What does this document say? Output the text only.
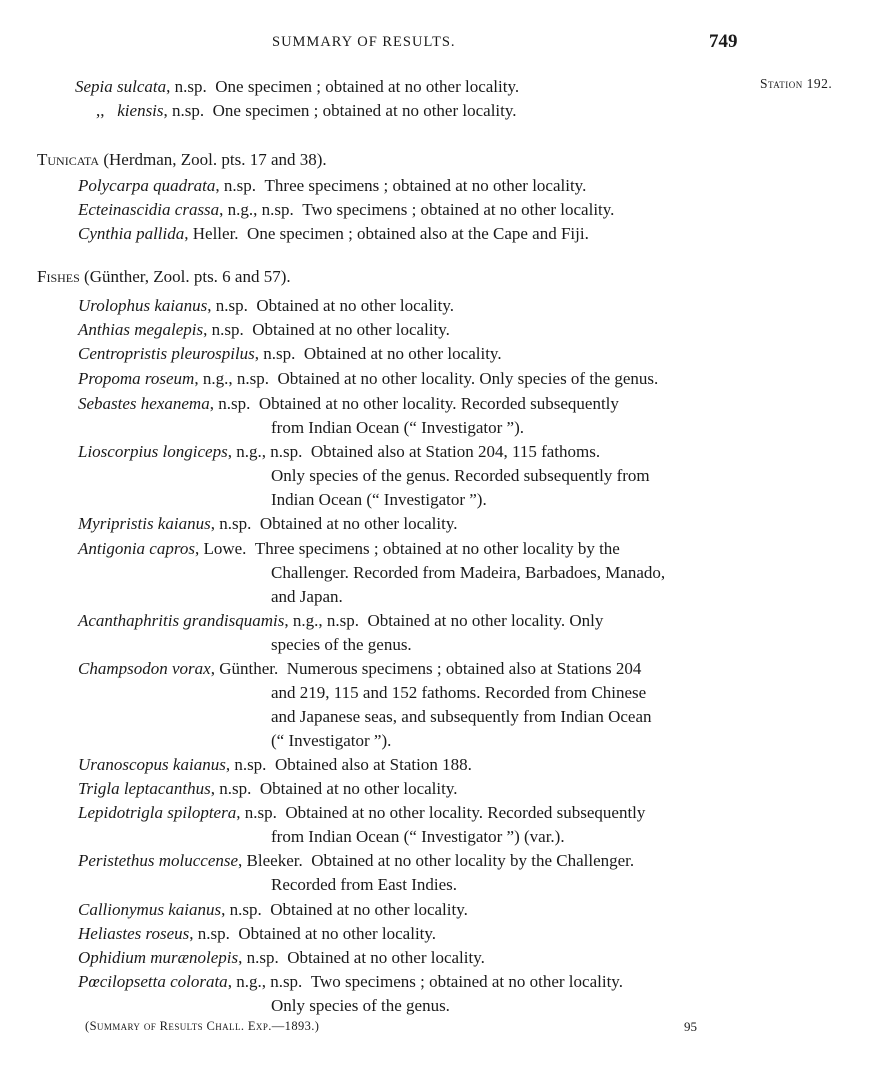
SUMMARY OF RESULTS.	749
Station 192.
Sepia sulcata, n.sp. One specimen ; obtained at no other locality.
,, kiensis, n.sp. One specimen ; obtained at no other locality.
Tunicata (Herdman, Zool. pts. 17 and 38).
Polycarpa quadrata, n.sp. Three specimens ; obtained at no other locality.
Ecteinascidia crassa, n.g., n.sp. Two specimens ; obtained at no other locality.
Cynthia pallida, Heller. One specimen ; obtained also at the Cape and Fiji.
Fishes (Günther, Zool. pts. 6 and 57).
Urolophus kaianus, n.sp. Obtained at no other locality.
Anthias megalepis, n.sp. Obtained at no other locality.
Centropristis pleurospilus, n.sp. Obtained at no other locality.
Propoma roseum, n.g., n.sp. Obtained at no other locality. Only species of the genus.
Sebastes hexanema, n.sp. Obtained at no other locality. Recorded subsequently
from Indian Ocean (“ Investigator ”).
Lioscorpius longiceps, n.g., n.sp. Obtained also at Station 204, 115 fathoms.
Only species of the genus. Recorded subsequently from
Indian Ocean (“ Investigator ”).
Myripristis kaianus, n.sp. Obtained at no other locality.
Antigonia capros, Lowe. Three specimens ; obtained at no other locality by the
Challenger. Recorded from Madeira, Barbadoes, Manado,
and Japan.
Acanthaphritis grandisquamis, n.g., n.sp. Obtained at no other locality. Only
species of the genus.
Champsodon vorax, Günther. Numerous specimens ; obtained also at Stations 204
and 219, 115 and 152 fathoms. Recorded from Chinese
and Japanese seas, and subsequently from Indian Ocean
(“ Investigator ”).
Uranoscopus kaianus, n.sp. Obtained also at Station 188.
Trigla leptacanthus, n.sp. Obtained at no other locality.
Lepidotrigla spiloptera, n.sp. Obtained at no other locality. Recorded subsequently
from Indian Ocean (“ Investigator ”) (var.).
Peristethus moluccense, Bleeker. Obtained at no other locality by the Challenger.
Recorded from East Indies.
Callionymus kaianus, n.sp. Obtained at no other locality.
Heliastes roseus, n.sp. Obtained at no other locality.
Ophidium murænolepis, n.sp. Obtained at no other locality.
Pœcilopsetta colorata, n.g., n.sp. Two specimens ; obtained at no other locality.
Only species of the genus.
(Summary of Results Chall. Exp.—1893.)	95
